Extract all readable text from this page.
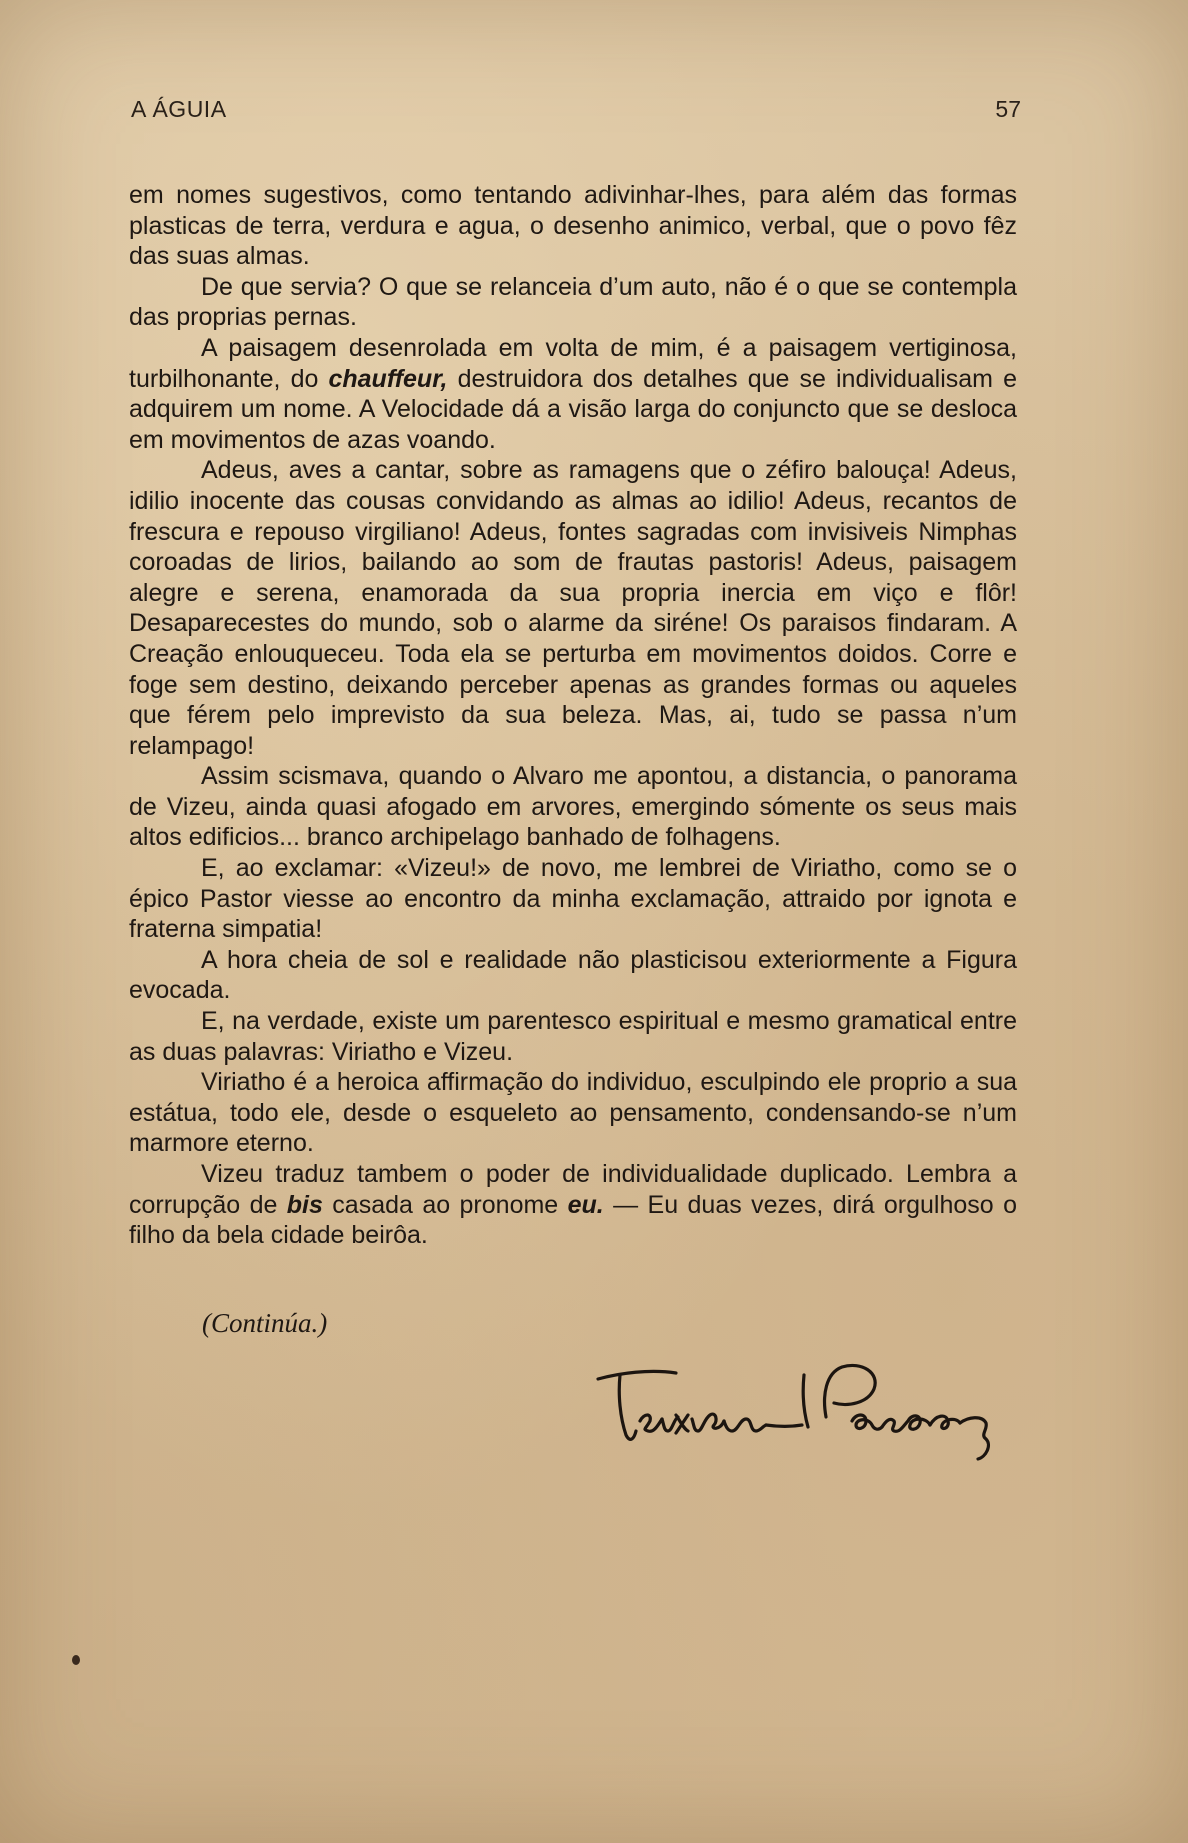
A ÁGUIA	57

em nomes sugestivos, como tentando adivinhar-lhes, para além das formas plasticas de terra, verdura e agua, o desenho animico, verbal, que o povo fêz das suas almas.

De que servia? O que se relanceia d’um auto, não é o que se contempla das proprias pernas.

A paisagem desenrolada em volta de mim, é a paisagem vertiginosa, turbilhonante, do chauffeur, destruidora dos detalhes que se individualisam e adquirem um nome. A Velocidade dá a visão larga do conjuncto que se desloca em movimentos de azas voando.

Adeus, aves a cantar, sobre as ramagens que o zéfiro balouça! Adeus, idilio inocente das cousas convidando as almas ao idilio! Adeus, recantos de frescura e repouso virgiliano! Adeus, fontes sagradas com invisiveis Nimphas coroadas de lirios, bailando ao som de frautas pastoris! Adeus, paisagem alegre e serena, enamorada da sua propria inercia em viço e flôr! Desaparecestes do mundo, sob o alarme da siréne! Os paraisos findaram. A Creação enlouqueceu. Toda ela se perturba em movimentos doidos. Corre e foge sem destino, deixando perceber apenas as grandes formas ou aqueles que férem pelo imprevisto da sua beleza. Mas, ai, tudo se passa n’um relampago!

Assim scismava, quando o Alvaro me apontou, a distancia, o panorama de Vizeu, ainda quasi afogado em arvores, emergindo sómente os seus mais altos edificios... branco archipelago banhado de folhagens.

E, ao exclamar: «Vizeu!» de novo, me lembrei de Viriatho, como se o épico Pastor viesse ao encontro da minha exclamação, attraido por ignota e fraterna simpatia!

A hora cheia de sol e realidade não plasticisou exteriormente a Figura evocada.

E, na verdade, existe um parentesco espiritual e mesmo gramatical entre as duas palavras: Viriatho e Vizeu.

Viriatho é a heroica affirmação do individuo, esculpindo ele proprio a sua estátua, todo ele, desde o esqueleto ao pensamento, condensando-se n’um marmore eterno.

Vizeu traduz tambem o poder de individualidade duplicado. Lembra a corrupção de bis casada ao pronome eu. — Eu duas vezes, dirá orgulhoso o filho da bela cidade beirôa.

(Continúa.)
